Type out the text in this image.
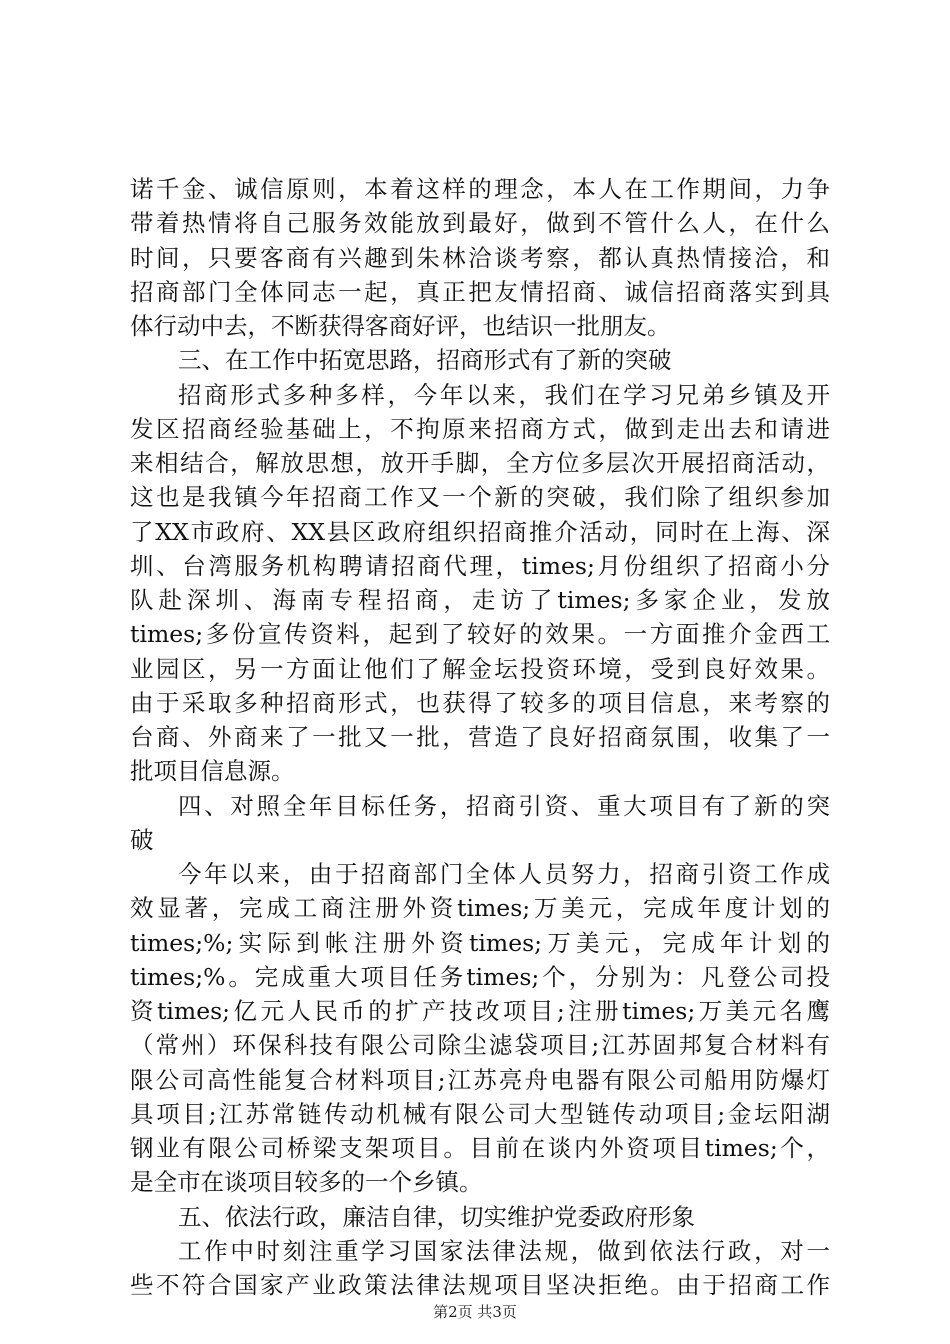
诺千金、诚信原则，本着这样的理念，本人在工作期间，力争
带着热情将自己服务效能放到最好，做到不管什么人，在什么
时间，只要客商有兴趣到朱林洽谈考察，都认真热情接洽，和
招商部门全体同志一起，真正把友情招商、诚信招商落实到具
体行动中去，不断获得客商好评，也结识一批朋友。
三、在工作中拓宽思路，招商形式有了新的突破
招商形式多种多样，今年以来，我们在学习兄弟乡镇及开
发区招商经验基础上，不拘原来招商方式，做到走出去和请进
来相结合，解放思想，放开手脚，全方位多层次开展招商活动，
这也是我镇今年招商工作又一个新的突破，我们除了组织参加
了XX市政府、XX县区政府组织招商推介活动，同时在上海、深
圳、台湾服务机构聘请招商代理，times;月份组织了招商小分
队赴深圳、海南专程招商，走访了times;多家企业，发放
times;多份宣传资料，起到了较好的效果。一方面推介金西工
业园区，另一方面让他们了解金坛投资环境，受到良好效果。
由于采取多种招商形式，也获得了较多的项目信息，来考察的
台商、外商来了一批又一批，营造了良好招商氛围，收集了一
批项目信息源。
四、对照全年目标任务，招商引资、重大项目有了新的突
破
今年以来，由于招商部门全体人员努力，招商引资工作成
效显著，完成工商注册外资times;万美元，完成年度计划的
times;%;实际到帐注册外资times;万美元，完成年计划的
times;%。完成重大项目任务times;个，分别为：凡登公司投
资times;亿元人民币的扩产技改项目;注册times;万美元名鹰
（常州）环保科技有限公司除尘滤袋项目;江苏固邦复合材料有
限公司高性能复合材料项目;江苏亮舟电器有限公司船用防爆灯
具项目;江苏常链传动机械有限公司大型链传动项目;金坛阳湖
钢业有限公司桥梁支架项目。目前在谈内外资项目times;个，
是全市在谈项目较多的一个乡镇。
五、依法行政，廉洁自律，切实维护党委政府形象
工作中时刻注重学习国家法律法规，做到依法行政，对一
些不符合国家产业政策法律法规项目坚决拒绝。由于招商工作
第2页 共3页
